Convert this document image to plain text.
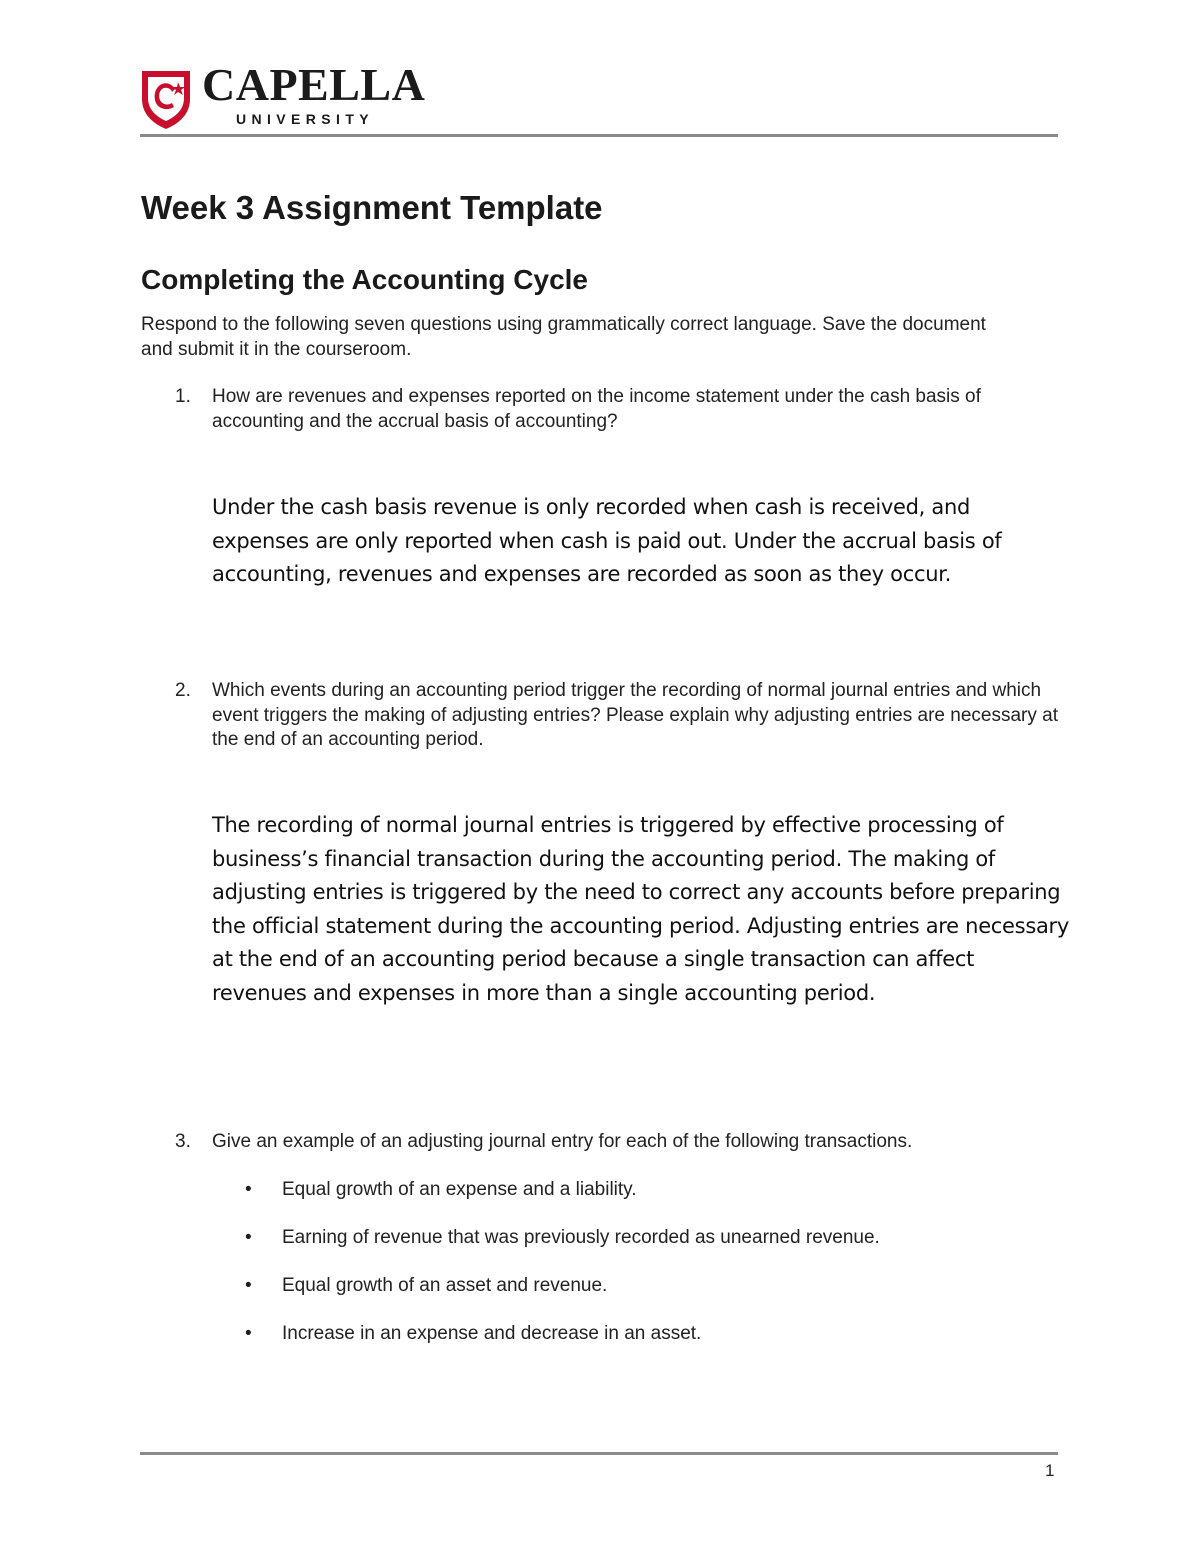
CAPELLA
UNIVERSITY
Week 3 Assignment Template
Completing the Accounting Cycle

Respond to the following seven questions using grammatically correct language. Save the document and submit it in the courseroom.

1. How are revenues and expenses reported on the income statement under the cash basis of accounting and the accrual basis of accounting?
Under the cash basis revenue is only recorded when cash is received, and expenses are only reported when cash is paid out. Under the accrual basis of accounting, revenues and expenses are recorded as soon as they occur.
2. Which events during an accounting period trigger the recording of normal journal entries and which event triggers the making of adjusting entries? Please explain why adjusting entries are necessary at the end of an accounting period.
The recording of normal journal entries is triggered by effective processing of business’s financial transaction during the accounting period. The making of adjusting entries is triggered by the need to correct any accounts before preparing the official statement during the accounting period. Adjusting entries are necessary at the end of an accounting period because a single transaction can affect revenues and expenses in more than a single accounting period.
3. Give an example of an adjusting journal entry for each of the following transactions.
• Equal growth of an expense and a liability.
• Earning of revenue that was previously recorded as unearned revenue.
• Equal growth of an asset and revenue.
• Increase in an expense and decrease in an asset.
1
